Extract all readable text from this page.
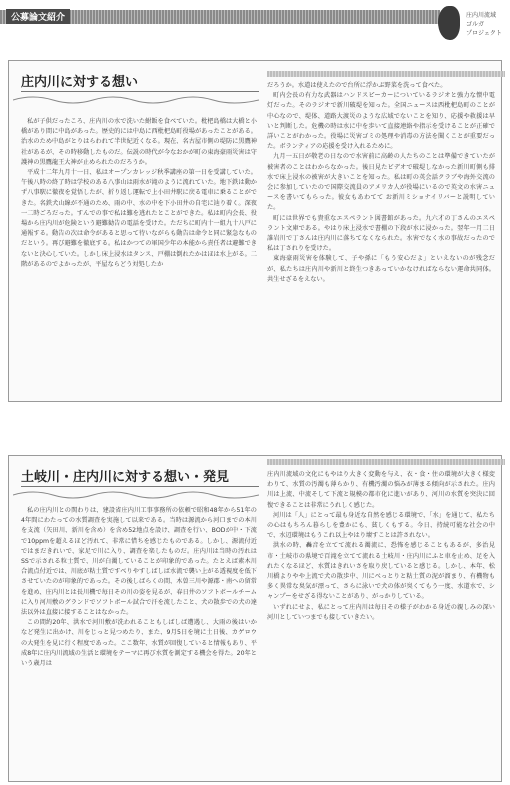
公募論文紹介	庄内川流域
ゴルガ
プロジェクト
庄内川に対する想い

私が子供だったころ、庄内川の水で洗いた鮒飯を食べていた。枇杷島橋は大橋と小橋があり間に中島があった。歴史的には中島に西枇杷島町役場があったことがある。治水のため中島がとりはらわれて半世紀近くなる。現在、名古屋市側の堤防に黒鷹神社があるが、その時移動したものだ。伝説の時代が今なおかが町の東海豪雨災害は守護神の黒鷹龍王大神が止められたのだろうか。

平成十二年九月十一日、私はオープンカレッジ秋季講座の第一日を受講していた。午後八時の終了時は学校のある八事山は雨水が滝のように流れていた。地下鉄は動かず八事駅に徹夜を覚悟したが、折り返し運転で上小田井駅に戻る電車に乗ることができた。名鉄犬山線が不通のため、雨の中、水の中を下小田井の自宅に辿り着く。深夜一二時ごろだった。すんでの事で私は難を逃れたとことができた。私は町内会長、役場から庄内川が危険という避難勧告の電話を受けた。ただちに町内十一組九十八戸に通報する。動告の次は命令があると思って待いながらも動告は命令と同に緊急なものだという。再び避難を徹底する。私はかつての軍国少年の本能から責任者は避難できないと決心していた。しかし床上浸水はタンス、戸棚は倒れたかはほは水上がる。二階があるのでよかったが、平屋ならどう対処したか

だろうか。水道は使えたので台所に浮かぶ野菜を洗って食べた。

町内会長の有力な武器はハンドスピーカーについているラジオと強力な懐中電灯だった。そのラジオで新川破堤を知った。全国ニュースは西枇杷島町のことが中心なので、堤体、道路大渡災のような広域でないことを知り、応援や救援は早いと判断した。危機の時は水に中を歩いて直接連絡や指示を受けることが正確で詳いことがわかった。役場に災害ゴミの処理や消毒の方法を聞くことが重要だった。ボランティアの応援を受け入れるために。

九月一五日が敬老の日なので水害前に高齢の人たちのことは準備できていたが被害者のことはわからなかった。後日見たビデオで破堤しなかった新川町側も排水で床上浸水の被害が大きいことを知った。私は町の英会話クラブや海外交流の会に参加していたので国際交流員のアメリカ人が役場にいるので英文の水害ニュースを書いてもらった。彼女もあわてて お新川ミショナイリバーと説明していた。

町には世界でも貴重なエスペラント図書館があった。九六才の丁さんのエスペラント文庫である。やはり床上浸水で書棚の下段が水に浸かった。翌年一月二日誰岩川で丁さんは庄内川に落ちてなくなられた。水害でなく水の事故だったので私は丁されりを受けた。

東海豪雨災害を体験して、子や孫に「もう安心だよ」といえないのが残念だが、私たちは庄内川や新川と終生つきあっていかなければならない運命共同体。共生せざるをえない。

土岐川・庄内川に対する想い・発見

私の庄内川との関わりは、建設省庄内川工事事務所の依頼で昭和48年から51年の4年間にわたっての水質調査を実施して以来である。当時は源流から河口までの本川を支流（矢田川、新川を含め）を含め52地点を設け、調査を行い、BODが中・下流で10ppmを超えるほど汚れて、非常に惜ちを感じたものである。しかし、源流付近ではまだきれいで、家足で川に入り、調査を楽したものだ。庄内川は当時の汚れはSSで示される粒士質で、川が白濁していることが印象的であった。たとえば素木川合流点付近では、川底が粘土質ですべりやすしばしば水流で襲い上がる透視度を低下させていたのが印象的であった。その後しばらくの間、木曽三川や源郡・南への留常を進め、庄内川とは長川機で毎日その川の姿を見るが、春日井のソフトボールチームに入り河川敷のグランドでソフトボール試合で汗を流したこと、犬の散歩での犬の達法以外は直接に接することはなかった。

この間約20年、洪水で河川敷が洗われることもしばしば遭遇し、大雨の後はいかなど発生に出かけ、川をじっと見つめたり、また、9月5日を境に土日後、カゲロウの大発生を見に行く程度であった。ここ数年、水質が回復していると情報もあり、平成8年に庄内川流域の生活と環境をテーマに再び水質を測定する機会を得た。20年という歳月は

庄内川流域の文化にもやはり大きく変動を与え、衣・食・住の環境が大きく様変わりて、水質の汚濁も薄らかり、有機汚濁の悩みが薄まる傾向が示された。庄内川は上流、中流そして下流と規模の都市化に進いがあり、河川の水質を突決に回復できることは非常にうれしく感じた。

河川は「人」にとって最も身近な自然を感じる環境で、「水」を通じて、私たちの心はもちろん暮らしを豊かにも、貧しくもする。今日、持続可能な社会の中で、水辺環境はもうこれ以上やはり壊すことは許されない。

洪水の時、轟音を立てて流れる濁流に、恐怖を感じることもあるが、多治見市・土岐市の県境で百滝を立てて流れる土岐川・庄内川にふと車を止め、足を入れたくなるほど、水質はきれいさを取り戻していると感じる。しかし、本年、松川橋よりやや上流で犬の散歩中、川にべっとりと粘土質の泥が溜まり、有機物も多く異常な臭気が漂って、さらに泳いで犬の体が臭くてもう一度、水道水で、シャンプーをせざる得ないことがあり、がっかりしている。

いずれにせよ、私にとって庄内川は毎日その様子がわかる身近の親しみの深い河川としていつまでも接していきたい。
